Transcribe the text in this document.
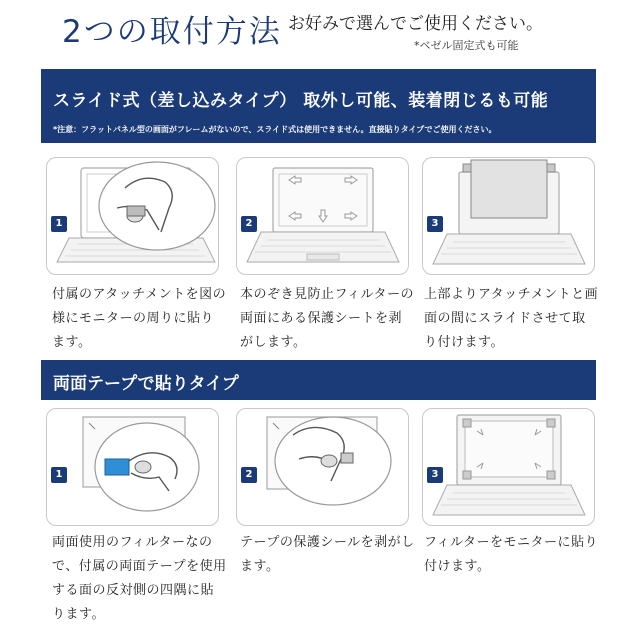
2つの取付方法 お好みで選んでご使用ください。
*ベゼル固定式も可能
スライド式（差し込みタイプ） 取外し可能、装着閉じるも可能
*注意：フラットパネル型の画面がフレームがないので、スライド式は使用できません。直接貼りタイプでご使用ください。
1	2	3
付属のアタッチメントを図の様にモニターの周りに貼ります。
本のぞき見防止フィルターの両面にある保護シートを剥がします。
上部よりアタッチメントと画面の間にスライドさせて取り付けます。
両面テープで貼りタイプ
1	2	3
両面使用のフィルターなので、付属の両面テープを使用する面の反対側の四隅に貼ります。
テープの保護シールを剥がします。
フィルターをモニターに貼り付けます。
